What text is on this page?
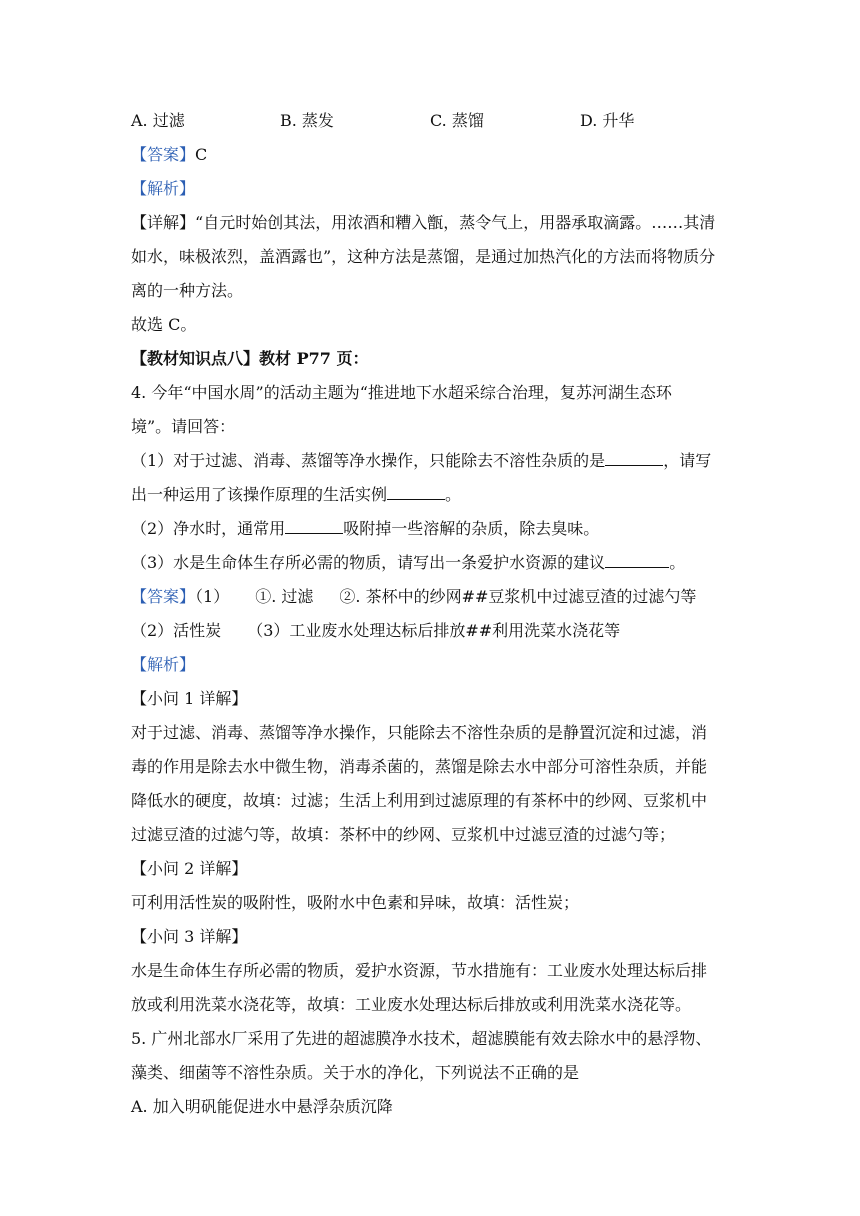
A. 过滤	B. 蒸发	C. 蒸馏	D. 升华
【答案】C
【解析】
【详解】“自元时始创其法，用浓酒和糟入甑，蒸令气上，用器承取滴露。……其清
如水，味极浓烈，盖酒露也”，这种方法是蒸馏，是通过加热汽化的方法而将物质分
离的一种方法。
故选 C。
【教材知识点八】教材 P77 页：
4. 今年“中国水周”的活动主题为“推进地下水超采综合治理，复苏河湖生态环
境”。请回答：
（1）对于过滤、消毒、蒸馏等净水操作，只能除去不溶性杂质的是	，请写
出一种运用了该操作原理的生活实例	。
（2）净水时，通常用	吸附掉一些溶解的杂质，除去臭味。
（3）水是生命体生存所必需的物质，请写出一条爱护水资源的建议	。
【答案】（1） ①. 过滤 ②. 茶杯中的纱网##豆浆机中过滤豆渣的过滤勺等
（2）活性炭 （3）工业废水处理达标后排放##利用洗菜水浇花等
【解析】
【小问 1 详解】
对于过滤、消毒、蒸馏等净水操作，只能除去不溶性杂质的是静置沉淀和过滤，消
毒的作用是除去水中微生物，消毒杀菌的，蒸馏是除去水中部分可溶性杂质，并能
降低水的硬度，故填：过滤；生活上利用到过滤原理的有茶杯中的纱网、豆浆机中
过滤豆渣的过滤勺等，故填：茶杯中的纱网、豆浆机中过滤豆渣的过滤勺等；
【小问 2 详解】
可利用活性炭的吸附性，吸附水中色素和异味，故填：活性炭；
【小问 3 详解】
水是生命体生存所必需的物质，爱护水资源，节水措施有：工业废水处理达标后排
放或利用洗菜水浇花等，故填：工业废水处理达标后排放或利用洗菜水浇花等。
5. 广州北部水厂采用了先进的超滤膜净水技术，超滤膜能有效去除水中的悬浮物、
藻类、细菌等不溶性杂质。关于水的净化，下列说法不正确的是
A. 加入明矾能促进水中悬浮杂质沉降
